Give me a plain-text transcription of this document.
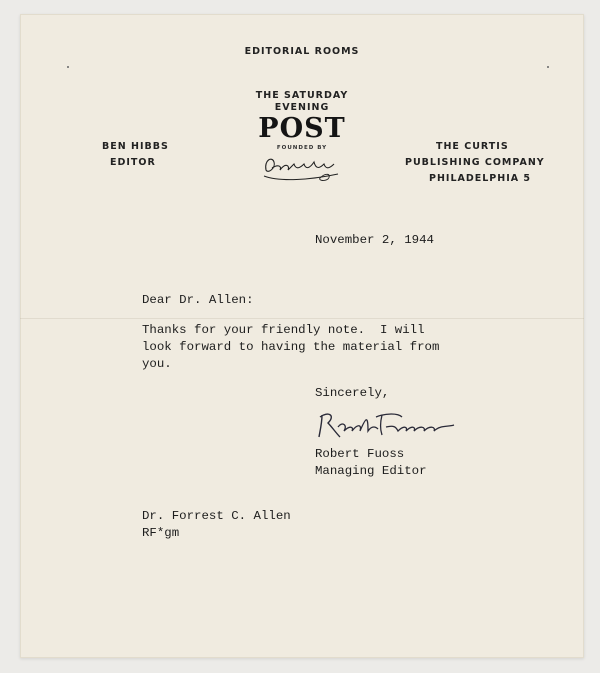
EDITORIAL ROOMS
THE SATURDAY
EVENING
POST
FOUNDED BY
BEN HIBBS
EDITOR
THE CURTIS
PUBLISHING COMPANY
PHILADELPHIA 5
November 2, 1944
Dear Dr. Allen:
Thanks for your friendly note.  I will
look forward to having the material from
you.
Sincerely,
Robert Fuoss
Managing Editor
Dr. Forrest C. Allen
RF*gm
